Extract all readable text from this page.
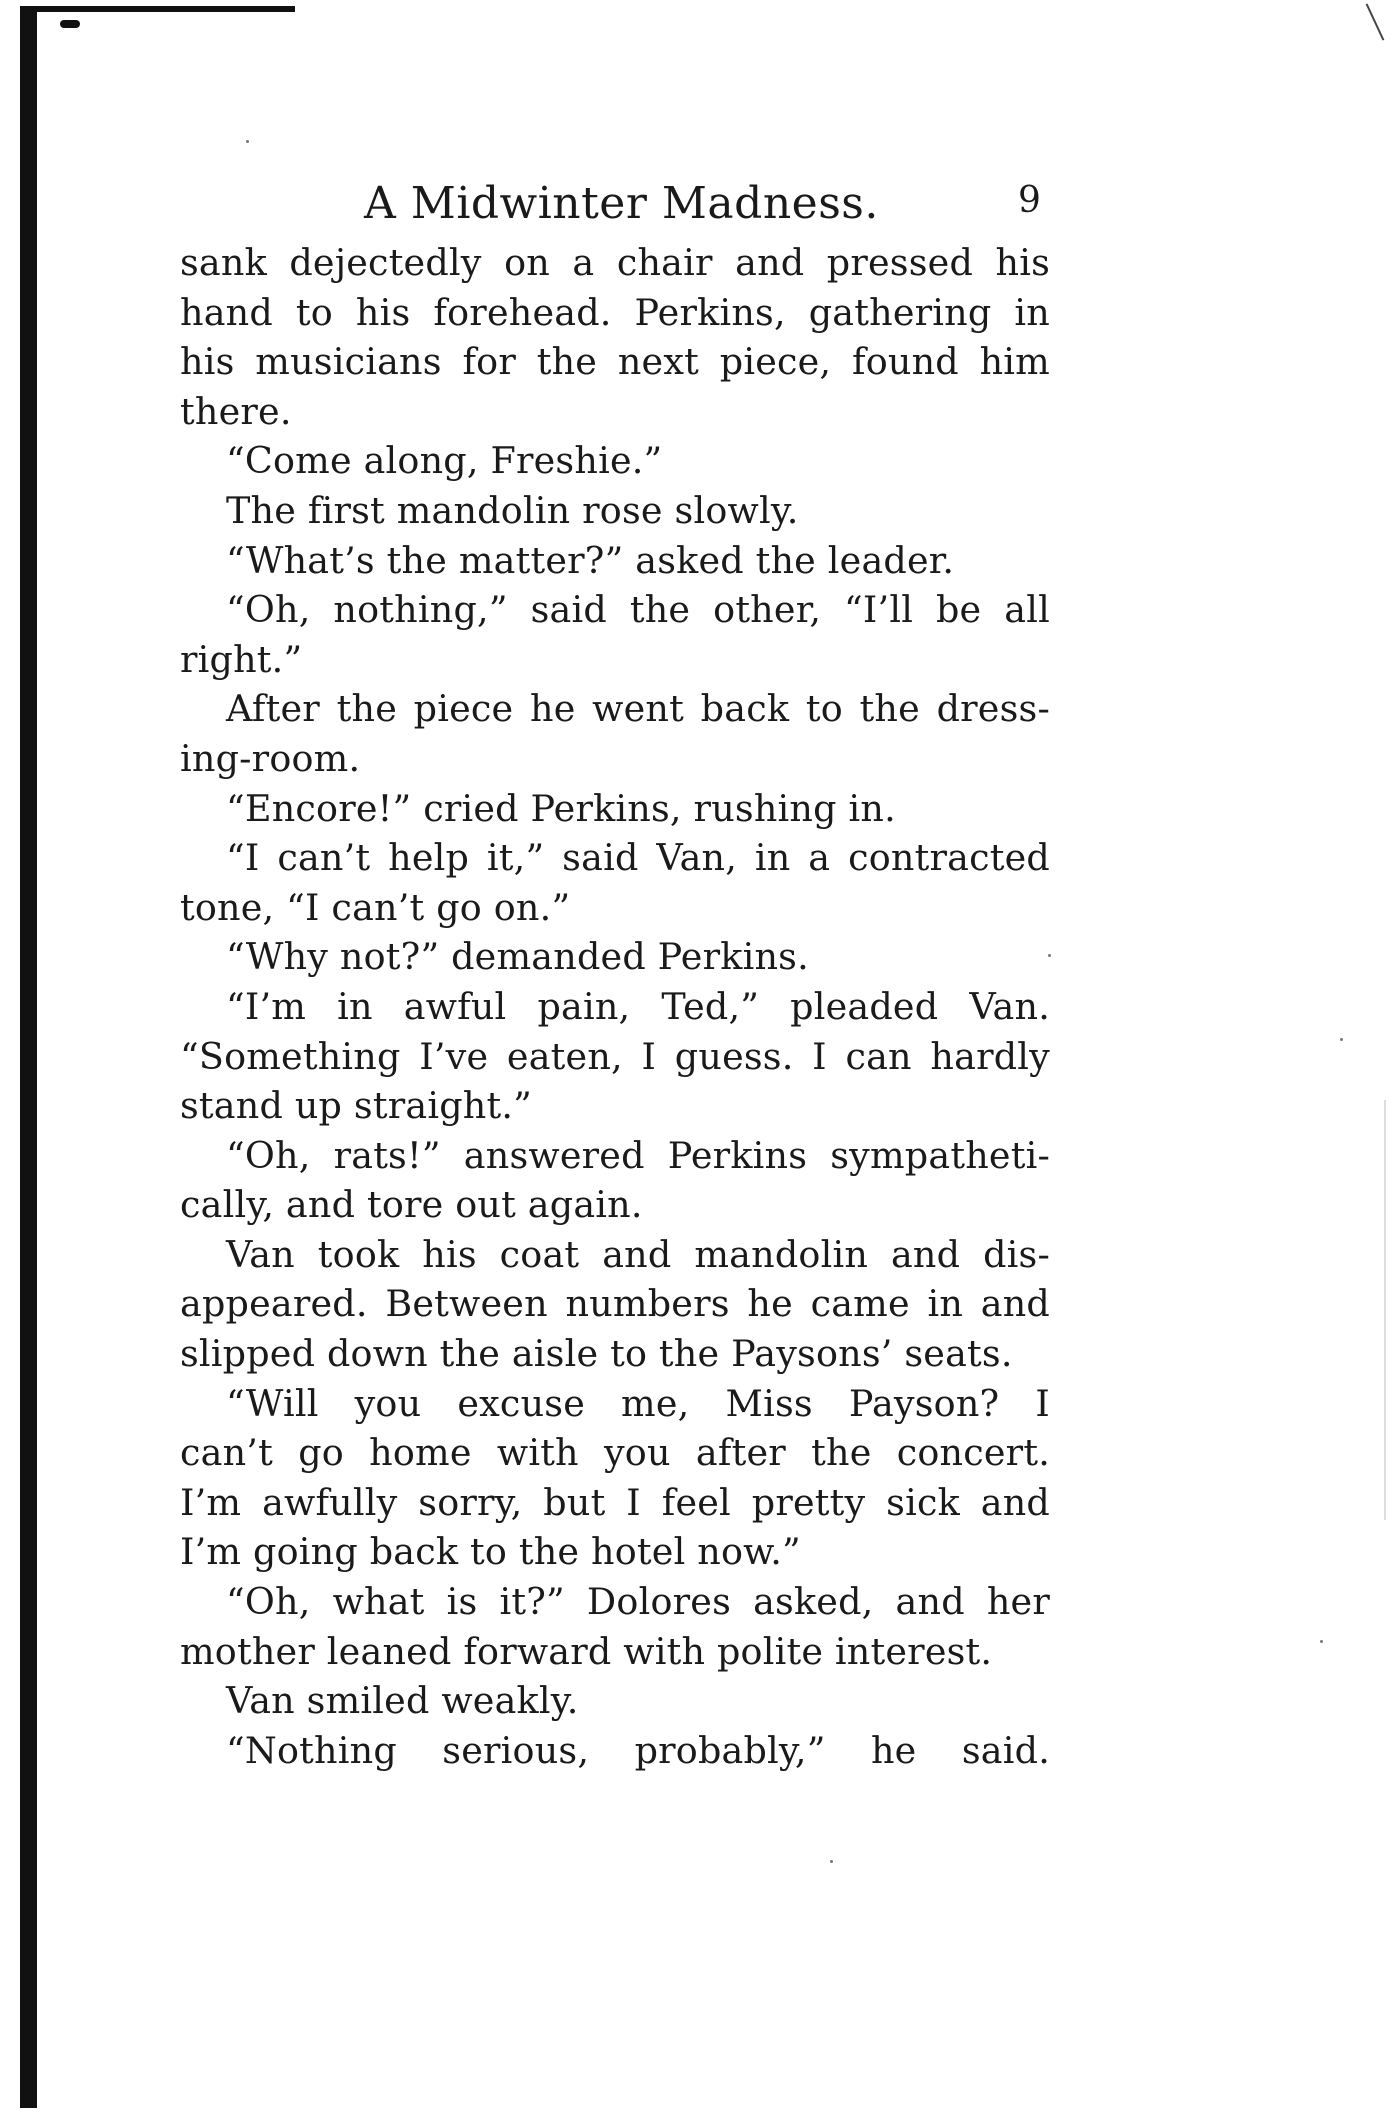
A Midwinter Madness.	9
sank dejectedly on a chair and pressed his
hand to his forehead. Perkins, gathering in
his musicians for the next piece, found him
there.
“Come along, Freshie.”
The first mandolin rose slowly.
“What’s the matter?” asked the leader.
“Oh, nothing,” said the other, “I’ll be all
right.”
After the piece he went back to the dress-
ing-room.
“Encore!” cried Perkins, rushing in.
“I can’t help it,” said Van, in a contracted
tone, “I can’t go on.”
“Why not?” demanded Perkins.
“I’m in awful pain, Ted,” pleaded Van.
“Something I’ve eaten, I guess. I can hardly
stand up straight.”
“Oh, rats!” answered Perkins sympatheti-
cally, and tore out again.
Van took his coat and mandolin and dis-
appeared. Between numbers he came in and
slipped down the aisle to the Paysons’ seats.
“Will you excuse me, Miss Payson? I
can’t go home with you after the concert.
I’m awfully sorry, but I feel pretty sick and
I’m going back to the hotel now.”
“Oh, what is it?” Dolores asked, and her
mother leaned forward with polite interest.
Van smiled weakly.
“Nothing serious, probably,” he said.
